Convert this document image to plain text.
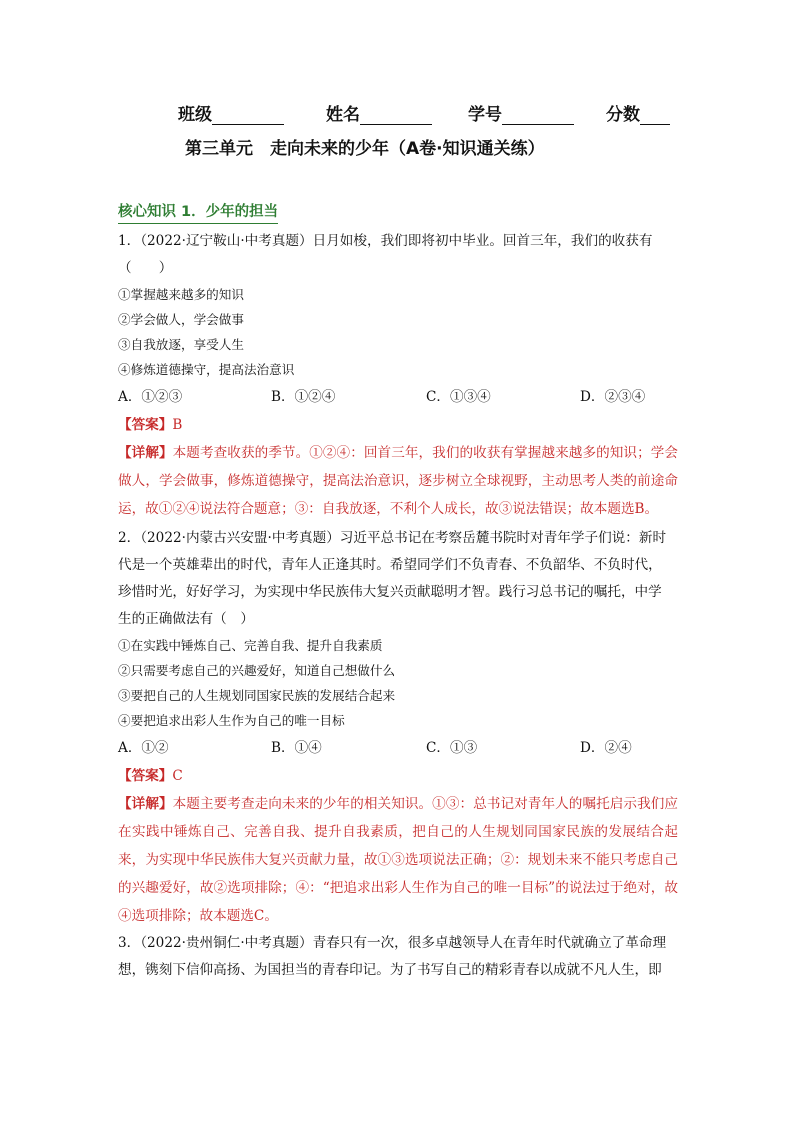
班级	姓名	学号	分数
第三单元　走向未来的少年（A卷·知识通关练）
核心知识 1．少年的担当
1．（2022·辽宁鞍山·中考真题）日月如梭，我们即将初中毕业。回首三年，我们的收获有
（　　）
①掌握越来越多的知识
②学会做人，学会做事
③自我放逐，享受人生
④修炼道德操守，提高法治意识
A．①②③	B．①②④	C．①③④	D．②③④
【答案】B
【详解】本题考查收获的季节。①②④：回首三年，我们的收获有掌握越来越多的知识；学会做人，学会做事，修炼道德操守，提高法治意识，逐步树立全球视野，主动思考人类的前途命运，故①②④说法符合题意；③：自我放逐，不利个人成长，故③说法错误；故本题选B。
2．（2022·内蒙古兴安盟·中考真题）习近平总书记在考察岳麓书院时对青年学子们说：新时
代是一个英雄辈出的时代，青年人正逢其时。希望同学们不负青春、不负韶华、不负时代，
珍惜时光，好好学习，为实现中华民族伟大复兴贡献聪明才智。践行习总书记的嘱托，中学
生的正确做法有（　）
①在实践中锤炼自己、完善自我、提升自我素质
②只需要考虑自己的兴趣爱好，知道自己想做什么
③要把自己的人生规划同国家民族的发展结合起来
④要把追求出彩人生作为自己的唯一目标
A．①②	B．①④	C．①③	D．②④
【答案】C
【详解】本题主要考查走向未来的少年的相关知识。①③：总书记对青年人的嘱托启示我们应在实践中锤炼自己、完善自我、提升自我素质，把自己的人生规划同国家民族的发展结合起来，为实现中华民族伟大复兴贡献力量，故①③选项说法正确；②：规划未来不能只考虑自己的兴趣爱好，故②选项排除；④：“把追求出彩人生作为自己的唯一目标”的说法过于绝对，故④选项排除；故本题选C。
3．（2022·贵州铜仁·中考真题）青春只有一次，很多卓越领导人在青年时代就确立了革命理
想，镌刻下信仰高扬、为国担当的青春印记。为了书写自己的精彩青春以成就不凡人生，即
